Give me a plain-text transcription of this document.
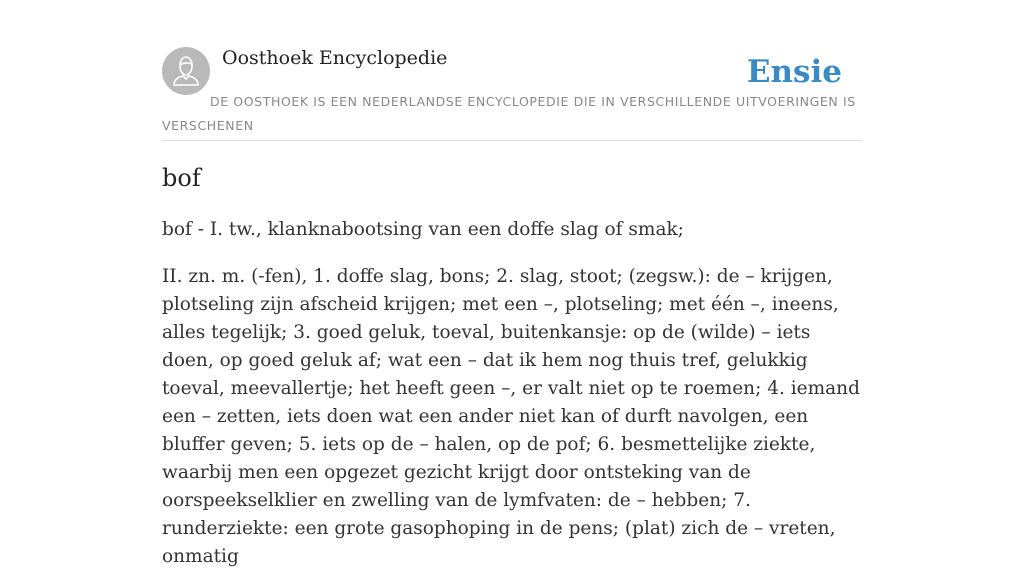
Oosthoek Encyclopedie	Ensie

DE OOSTHOEK IS EEN NEDERLANDSE ENCYCLOPEDIE DIE IN VERSCHILLENDE UITVOERINGEN IS VERSCHENEN

bof

bof - I. tw., klanknabootsing van een doffe slag of smak;

II. zn. m. (-fen), 1. doffe slag, bons; 2. slag, stoot; (zegsw.): de – krijgen, plotseling zijn afscheid krijgen; met een –, plotseling; met één –, ineens, alles tegelijk; 3. goed geluk, toeval, buitenkansje: op de (wilde) – iets doen, op goed geluk af; wat een – dat ik hem nog thuis tref, gelukkig toeval, meevallertje; het heeft geen –, er valt niet op te roemen; 4. iemand een – zetten, iets doen wat een ander niet kan of durft navolgen, een bluffer geven; 5. iets op de – halen, op de pof; 6. besmettelijke ziekte, waarbij men een opgezet gezicht krijgt door ontsteking van de oorspeekselklier en zwelling van de lymfvaten: de – hebben; 7. runderziekte: een grote gasophoping in de pens; (plat) zich de – vreten, onmatig
